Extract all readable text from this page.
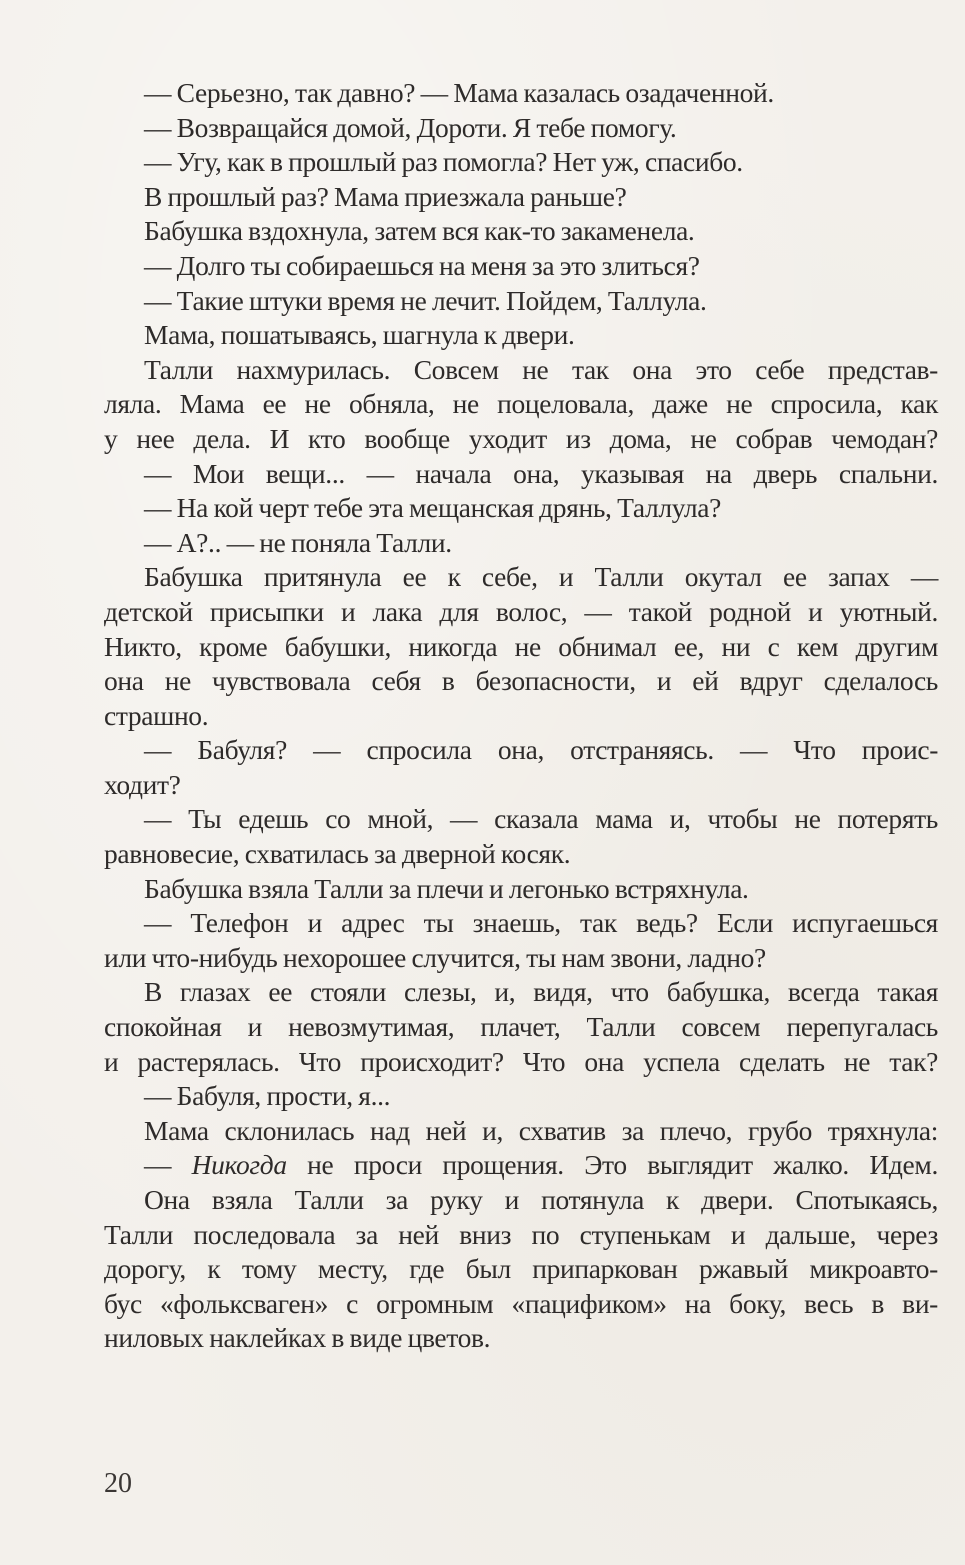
— Серьезно, так давно? — Мама казалась озадаченной.
— Возвращайся домой, Дороти. Я тебе помогу.
— Угу, как в прошлый раз помогла? Нет уж, спасибо.
В прошлый раз? Мама приезжала раньше?
Бабушка вздохнула, затем вся как-то закаменела.
— Долго ты собираешься на меня за это злиться?
— Такие штуки время не лечит. Пойдем, Таллула.
Мама, пошатываясь, шагнула к двери.
Талли нахмурилась. Совсем не так она это себе представ-
ляла. Мама ее не обняла, не поцеловала, даже не спросила, как
у нее дела. И кто вообще уходит из дома, не собрав чемодан?
— Мои вещи... — начала она, указывая на дверь спальни.
— На кой черт тебе эта мещанская дрянь, Таллула?
— А?.. — не поняла Талли.
Бабушка притянула ее к себе, и Талли окутал ее запах —
детской присыпки и лака для волос, — такой родной и уютный.
Никто, кроме бабушки, никогда не обнимал ее, ни с кем другим
она не чувствовала себя в безопасности, и ей вдруг сделалось
страшно.
— Бабуля? — спросила она, отстраняясь. — Что проис-
ходит?
— Ты едешь со мной, — сказала мама и, чтобы не потерять
равновесие, схватилась за дверной косяк.
Бабушка взяла Талли за плечи и легонько встряхнула.
— Телефон и адрес ты знаешь, так ведь? Если испугаешься
или что-нибудь нехорошее случится, ты нам звони, ладно?
В глазах ее стояли слезы, и, видя, что бабушка, всегда такая
спокойная и невозмутимая, плачет, Талли совсем перепугалась
и растерялась. Что происходит? Что она успела сделать не так?
— Бабуля, прости, я...
Мама склонилась над ней и, схватив за плечо, грубо тряхнула:
— Никогда не проси прощения. Это выглядит жалко. Идем.
Она взяла Талли за руку и потянула к двери. Спотыкаясь,
Талли последовала за ней вниз по ступенькам и дальше, через
дорогу, к тому месту, где был припаркован ржавый микроавто-
бус «фольксваген» с огромным «пацификом» на боку, весь в ви-
ниловых наклейках в виде цветов.
20
